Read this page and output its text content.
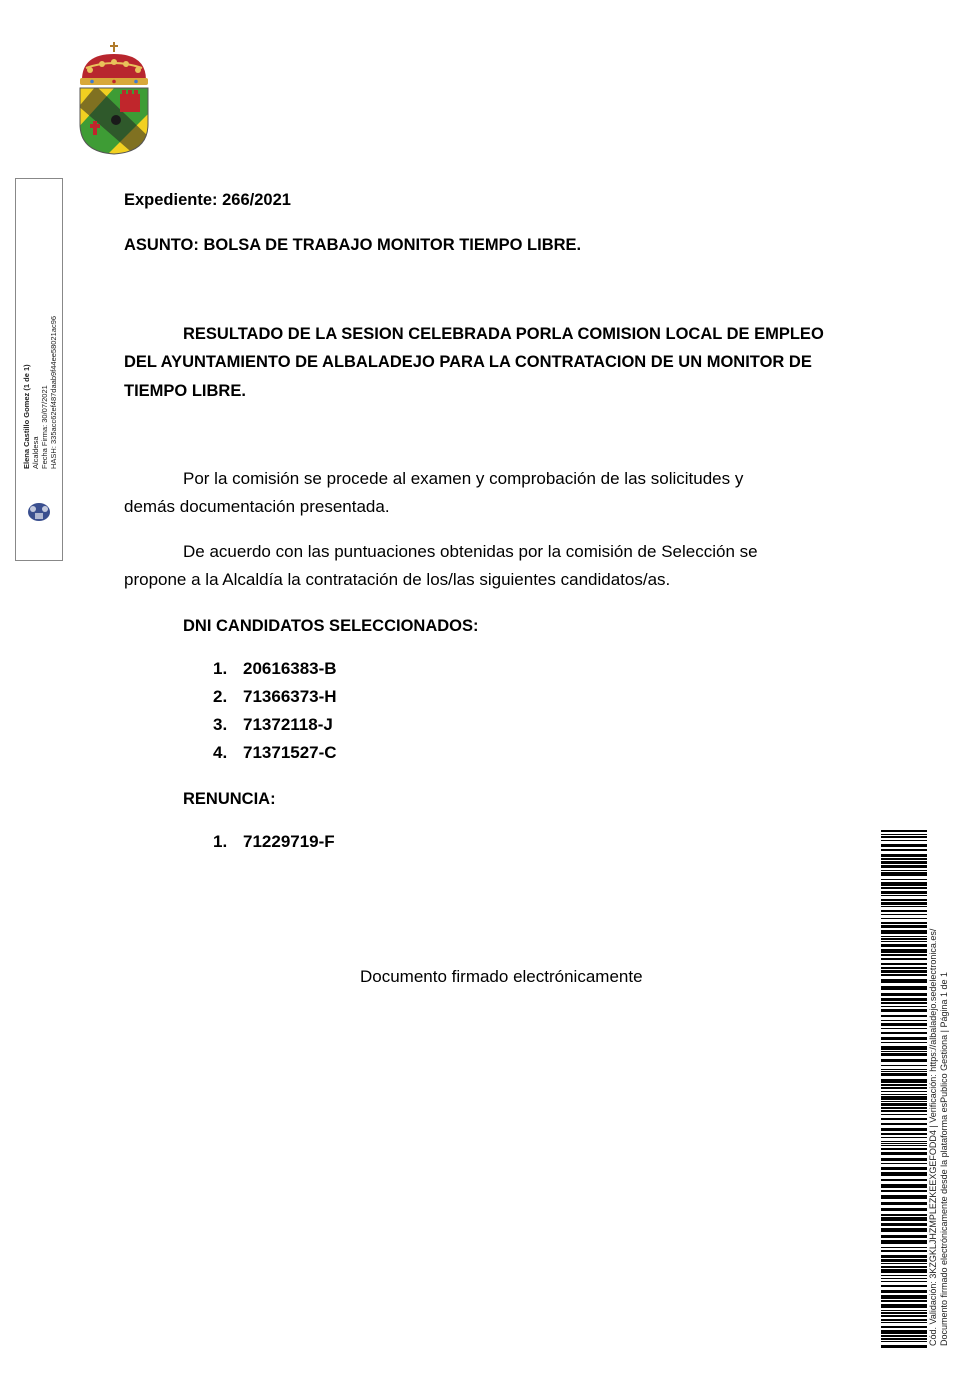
Elena Castillo Gomez (1 de 1) Alcaldesa Fecha Firma: 30/07/2021 HASH: 335acc62ef487daab9f44ee58021ac96
Expediente: 266/2021
ASUNTO: BOLSA DE TRABAJO MONITOR TIEMPO LIBRE.
RESULTADO DE LA SESION CELEBRADA PORLA COMISION LOCAL DE EMPLEO
DEL AYUNTAMIENTO DE ALBALADEJO PARA LA CONTRATACION DE UN MONITOR DE
TIEMPO LIBRE.
Por la comisión se procede al examen y comprobación de las solicitudes y
demás documentación presentada.
De acuerdo con las puntuaciones obtenidas por la comisión de Selección se
propone a la Alcaldía la contratación de los/las siguientes candidatos/as.
DNI CANDIDATOS SELECCIONADOS:
1. 20616383-B
2. 71366373-H
3. 71372118-J
4. 71371527-C
RENUNCIA:
1. 71229719-F
Documento firmado electrónicamente	Cód. Validación: 3KZGKLJHZMPLEZKEEXGEFODD4 | Verificación: https://albaladejo.sedelectronica.es/ Documento firmado electrónicamente desde la plataforma esPublico Gestiona | Página 1 de 1
